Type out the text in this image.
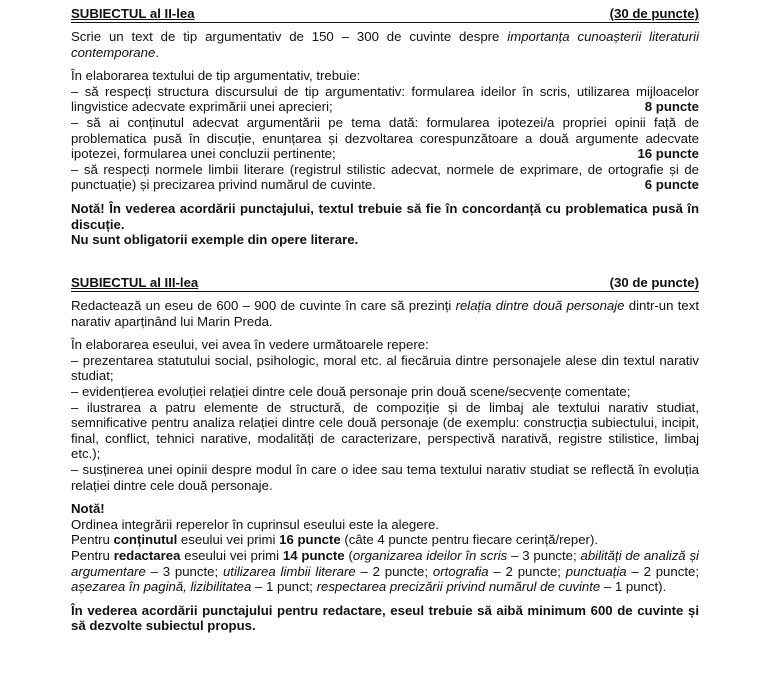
SUBIECTUL al II-lea	(30 de puncte)

Scrie un text de tip argumentativ de 150 – 300 de cuvinte despre importanța cunoașterii literaturii contemporane.

În elaborarea textului de tip argumentativ, trebuie:

– să respecți structura discursului de tip argumentativ: formularea ideilor în scris, utilizarea mijloacelor lingvistice adecvate exprimării unei aprecieri;	8 puncte

– să ai conținutul adecvat argumentării pe tema dată: formularea ipotezei/a propriei opinii față de problematica pusă în discuție, enunțarea și dezvoltarea corespunzătoare a două argumente adecvate ipotezei, formularea unei concluzii pertinente;	16 puncte

– să respecți normele limbii literare (registrul stilistic adecvat, normele de exprimare, de ortografie și de punctuație) și precizarea privind numărul de cuvinte.	6 puncte

Notă! În vederea acordării punctajului, textul trebuie să fie în concordanță cu problematica pusă în discuție.

Nu sunt obligatorii exemple din opere literare.

SUBIECTUL al III-lea	(30 de puncte)

Redactează un eseu de 600 – 900 de cuvinte în care să prezinți relația dintre două personaje dintr-un text narativ aparținând lui Marin Preda.

În elaborarea eseului, vei avea în vedere următoarele repere:

– prezentarea statutului social, psihologic, moral etc. al fiecăruia dintre personajele alese din textul narativ studiat;

– evidențierea evoluției relației dintre cele două personaje prin două scene/secvențe comentate;

– ilustrarea a patru elemente de structură, de compoziție și de limbaj ale textului narativ studiat, semnificative pentru analiza relației dintre cele două personaje (de exemplu: construcția subiectului, incipit, final, conflict, tehnici narative, modalități de caracterizare, perspectivă narativă, registre stilistice, limbaj etc.);

– susținerea unei opinii despre modul în care o idee sau tema textului narativ studiat se reflectă în evoluția relației dintre cele două personaje.

Notă!

Ordinea integrării reperelor în cuprinsul eseului este la alegere.

Pentru conținutul eseului vei primi 16 puncte (câte 4 puncte pentru fiecare cerință/reper).

Pentru redactarea eseului vei primi 14 puncte (organizarea ideilor în scris – 3 puncte; abilități de analiză și argumentare – 3 puncte; utilizarea limbii literare – 2 puncte; ortografia – 2 puncte; punctuația – 2 puncte; așezarea în pagină, lizibilitatea – 1 punct; respectarea precizării privind numărul de cuvinte – 1 punct).

În vederea acordării punctajului pentru redactare, eseul trebuie să aibă minimum 600 de cuvinte și să dezvolte subiectul propus.
